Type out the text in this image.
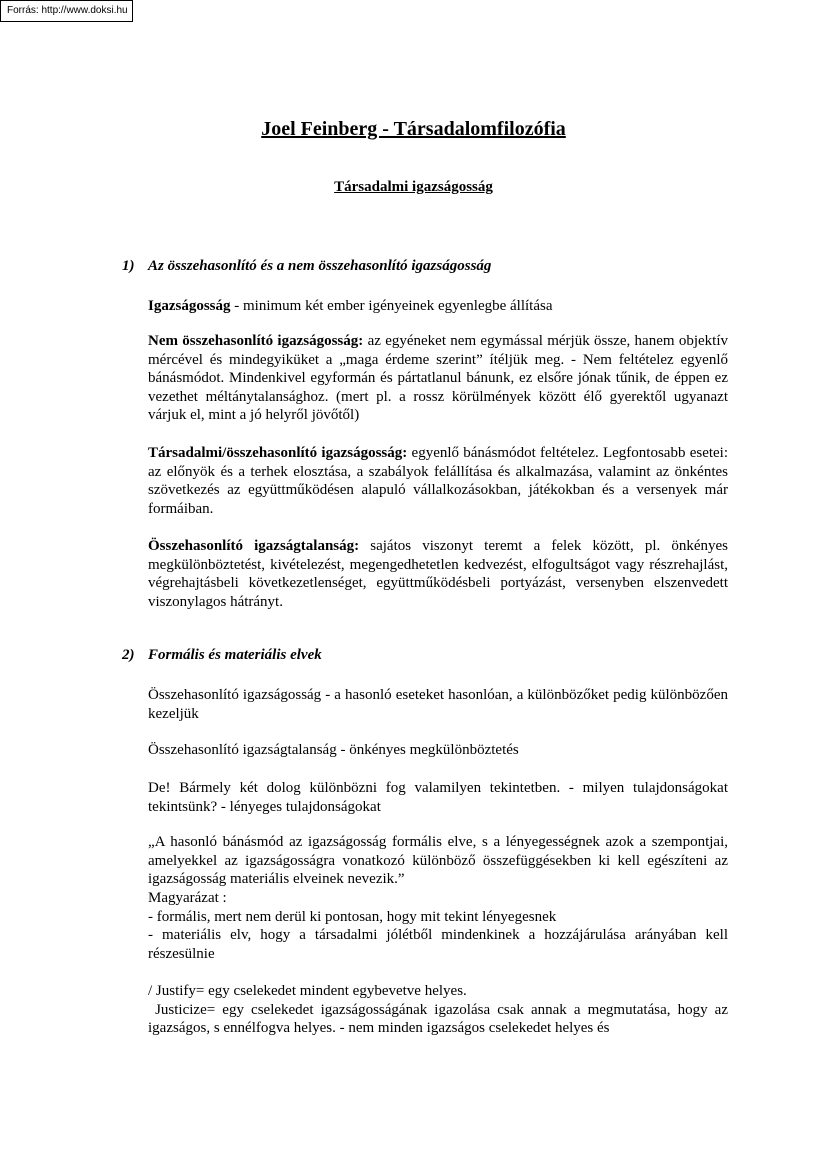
Forrás: http://www.doksi.hu
Joel Feinberg - Társadalomfilozófia
Társadalmi igazságosság
1) Az összehasonlító és a nem összehasonlító igazságosság

Igazságosság - minimum két ember igényeinek egyenlegbe állítása

Nem összehasonlító igazságosság: az egyéneket nem egymással mérjük össze, hanem objektív mércével és mindegyiküket a „maga érdeme szerint” ítéljük meg. - Nem feltételez egyenlő bánásmódot. Mindenkivel egyformán és pártatlanul bánunk, ez elsőre jónak tűnik, de éppen ez vezethet méltánytalansághoz. (mert pl. a rossz körülmények között élő gyerektől ugyanazt várjuk el, mint a jó helyről jövőtől)

Társadalmi/összehasonlító igazságosság: egyenlő bánásmódot feltételez. Legfontosabb esetei: az előnyök és a terhek elosztása, a szabályok felállítása és alkalmazása, valamint az önkéntes szövetkezés az együttműködésen alapuló vállalkozásokban, játékokban és a versenyek már formáiban.

Összehasonlító igazságtalanság: sajátos viszonyt teremt a felek között, pl. önkényes megkülönböztetést, kivételezést, megengedhetetlen kedvezést, elfogultságot vagy részrehajlást, végrehajtásbeli következetlenséget, együttműködésbeli portyázást, versenyben elszenvedett viszonylagos hátrányt.

2) Formális és materiális elvek

Összehasonlító igazságosság - a hasonló eseteket hasonlóan, a különbözőket pedig különbözően kezeljük

Összehasonlító igazságtalanság - önkényes megkülönböztetés

De! Bármely két dolog különbözni fog valamilyen tekintetben. - milyen tulajdonságokat tekintsünk? - lényeges tulajdonságokat

„A hasonló bánásmód az igazságosság formális elve, s a lényegességnek azok a szempontjai, amelyekkel az igazságosságra vonatkozó különböző összefüggésekben ki kell egészíteni az igazságosság materiális elveinek nevezik.”

Magyarázat :
- formális, mert nem derül ki pontosan, hogy mit tekint lényegesnek
- materiális elv, hogy a társadalmi jólétből mindenkinek a hozzájárulása arányában kell részesülnie

/ Justify= egy cselekedet mindent egybevetve helyes.
Justicize= egy cselekedet igazságosságának igazolása csak annak a megmutatása, hogy az igazságos, s ennélfogva helyes. - nem minden igazságos cselekedet helyes és
